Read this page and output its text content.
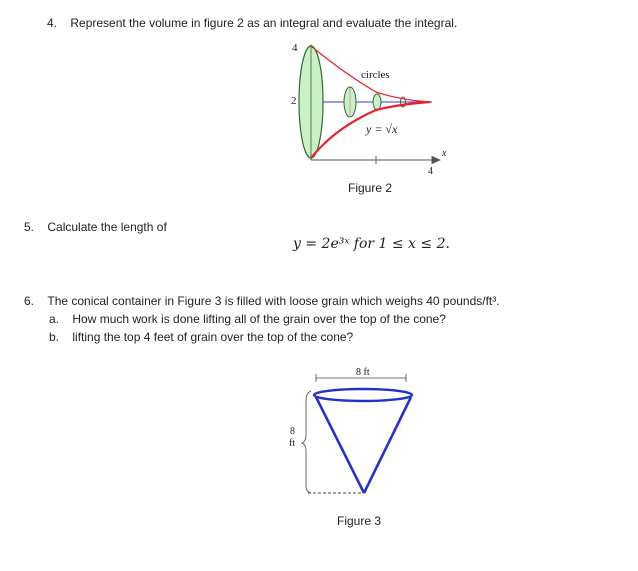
4. Represent the volume in figure 2 as an integral and evaluate the integral.
4
2
circles
y = √x
4
x
Figure 2
5. Calculate the length of
y = 2e³ˣ for 1 ≤ x ≤ 2.
6. The conical container in Figure 3 is filled with loose grain which weighs 40 pounds/ft³.
a. How much work is done lifting all of the grain over the top of the cone?
b. lifting the top 4 feet of grain over the top of the cone?
8 ft
8
ft
Figure 3
